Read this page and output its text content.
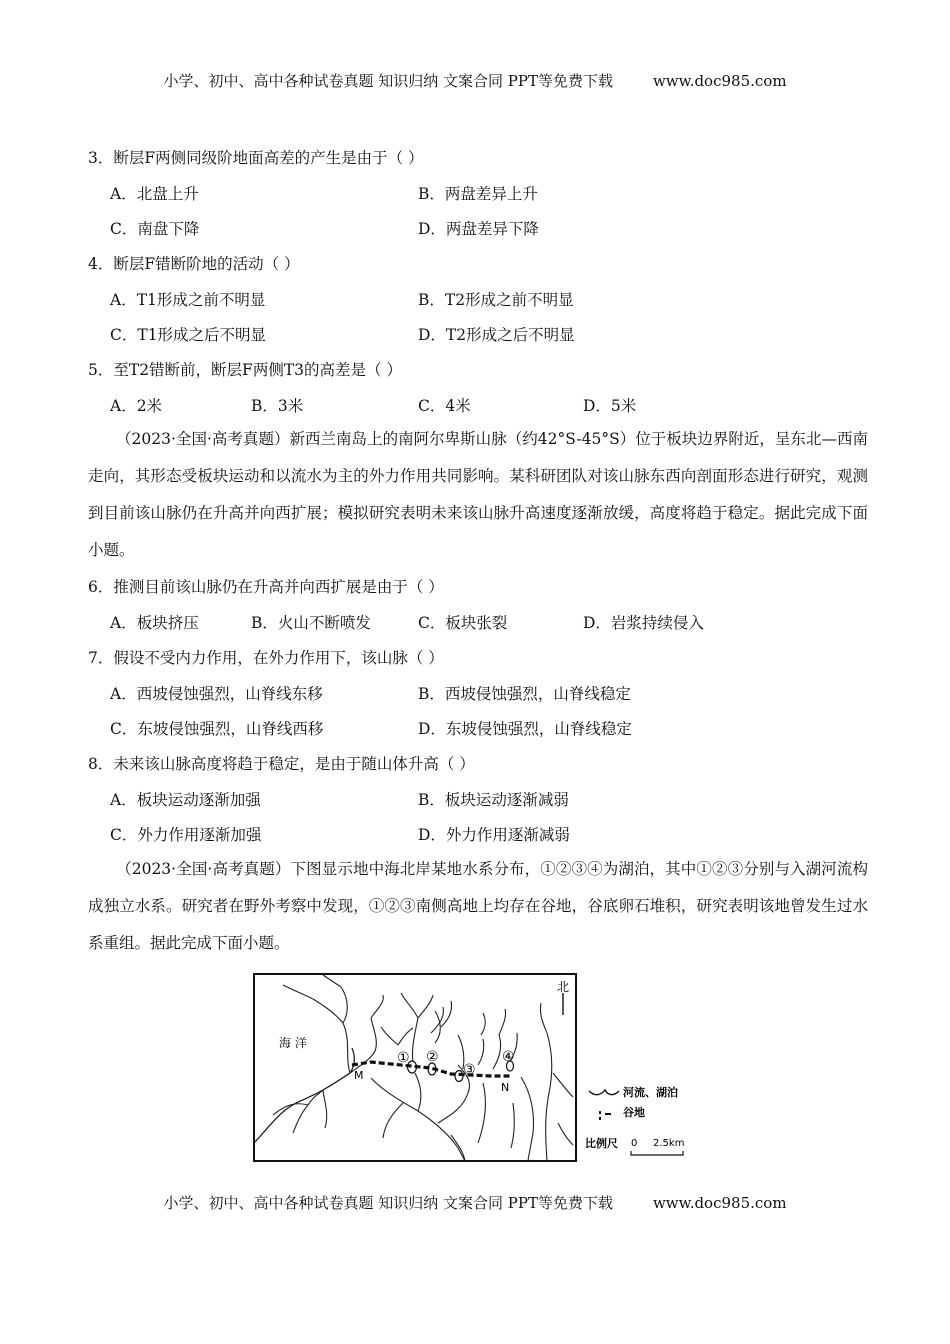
小学、初中、高中各种试卷真题 知识归纳 文案合同 PPT等免费下载	www.doc985.com
3．断层F两侧同级阶地面高差的产生是由于（ ）
A．北盘上升	B．两盘差异上升
C．南盘下降	D．两盘差异下降
4．断层F错断阶地的活动（ ）
A．T1形成之前不明显	B．T2形成之前不明显
C．T1形成之后不明显	D．T2形成之后不明显
5．至T2错断前，断层F两侧T3的高差是（ ）
A．2米	B．3米	C．4米	D．5米
（2023·全国·高考真题）新西兰南岛上的南阿尔卑斯山脉（约42°S-45°S）位于板块边界附近，呈东北—西南走向，其形态受板块运动和以流水为主的外力作用共同影响。某科研团队对该山脉东西向剖面形态进行研究，观测到目前该山脉仍在升高并向西扩展；模拟研究表明未来该山脉升高速度逐渐放缓，高度将趋于稳定。据此完成下面小题。
6．推测目前该山脉仍在升高并向西扩展是由于（ ）
A．板块挤压	B．火山不断喷发	C．板块张裂	D．岩浆持续侵入
7．假设不受内力作用，在外力作用下，该山脉（ ）
A．西坡侵蚀强烈，山脊线东移	B．西坡侵蚀强烈，山脊线稳定
C．东坡侵蚀强烈，山脊线西移	D．东坡侵蚀强烈，山脊线稳定
8．未来该山脉高度将趋于稳定，是由于随山体升高（ ）
A．板块运动逐渐加强	B．板块运动逐渐减弱
C．外力作用逐渐加强	D．外力作用逐渐减弱
（2023·全国·高考真题）下图显示地中海北岸某地水系分布，①②③④为湖泊，其中①②③分别与入湖河流构成独立水系。研究者在野外考察中发现，①②③南侧高地上均存在谷地，谷底卵石堆积，研究表明该地曾发生过水系重组。据此完成下面小题。
① ②
③
④
M
N
海 洋
北
河流、湖泊
谷地
比例尺 0 2.5km
小学、初中、高中各种试卷真题 知识归纳 文案合同 PPT等免费下载	www.doc985.com
